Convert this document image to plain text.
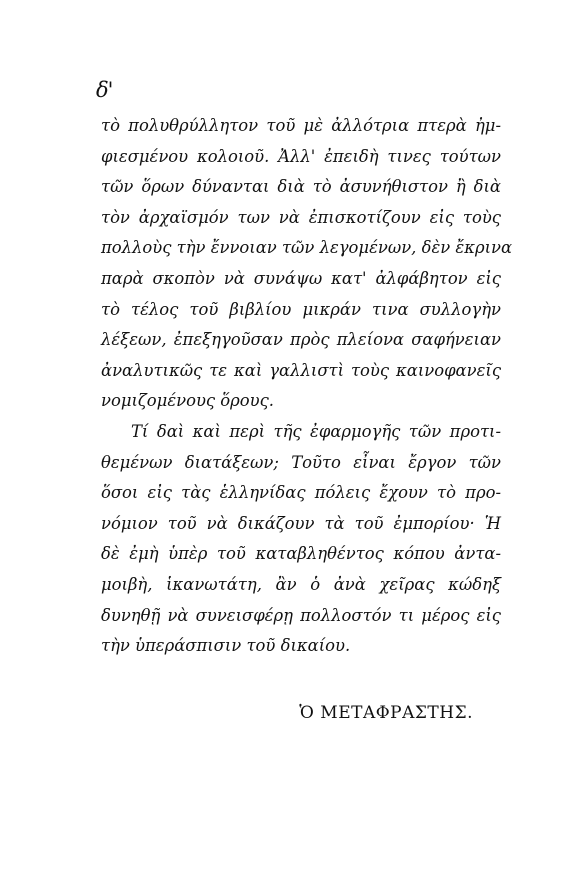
δ'
τὸ πολυθρύλλητον τοῦ μὲ ἀλλότρια πτερὰ ἠμ-
φιεσμένου κολοιοῦ. Ἀλλ' ἐπειδὴ τινες τούτων
τῶν ὅρων δύνανται διὰ τὸ ἀσυνήθιστον ἢ διὰ
τὸν ἀρχαϊσμόν των νὰ ἐπισκοτίζουν εἰς τοὺς
πολλοὺς τὴν ἔννοιαν τῶν λεγομένων, δὲν ἔκρινα
παρὰ σκοπὸν νὰ συνάψω κατ' ἀλφάβητον εἰς
τὸ τέλος τοῦ βιβλίου μικράν τινα συλλογὴν
λέξεων, ἐπεξηγοῦσαν πρὸς πλείονα σαφήνειαν
ἀναλυτικῶς τε καὶ γαλλιστὶ τοὺς καινοφανεῖς
νομιζομένους ὅρους.
Τί δαὶ καὶ περὶ τῆς ἐφαρμογῆς τῶν προτι-
θεμένων διατάξεων; Τοῦτο εἶναι ἔργον τῶν
ὅσοι εἰς τὰς ἑλληνίδας πόλεις ἔχουν τὸ προ-
νόμιον τοῦ νὰ δικάζουν τὰ τοῦ ἐμπορίου· Ἡ
δὲ ἐμὴ ὑπὲρ τοῦ καταβληθέντος κόπου ἀντα-
μοιβὴ, ἱκανωτάτη, ἂν ὁ ἀνὰ χεῖρας κώδηξ
δυνηθῇ νὰ συνεισφέρῃ πολλοστόν τι μέρος εἰς
τὴν ὑπεράσπισιν τοῦ δικαίου.
Ὁ ΜΕΤΑΦΡΑΣΤΗΣ.
